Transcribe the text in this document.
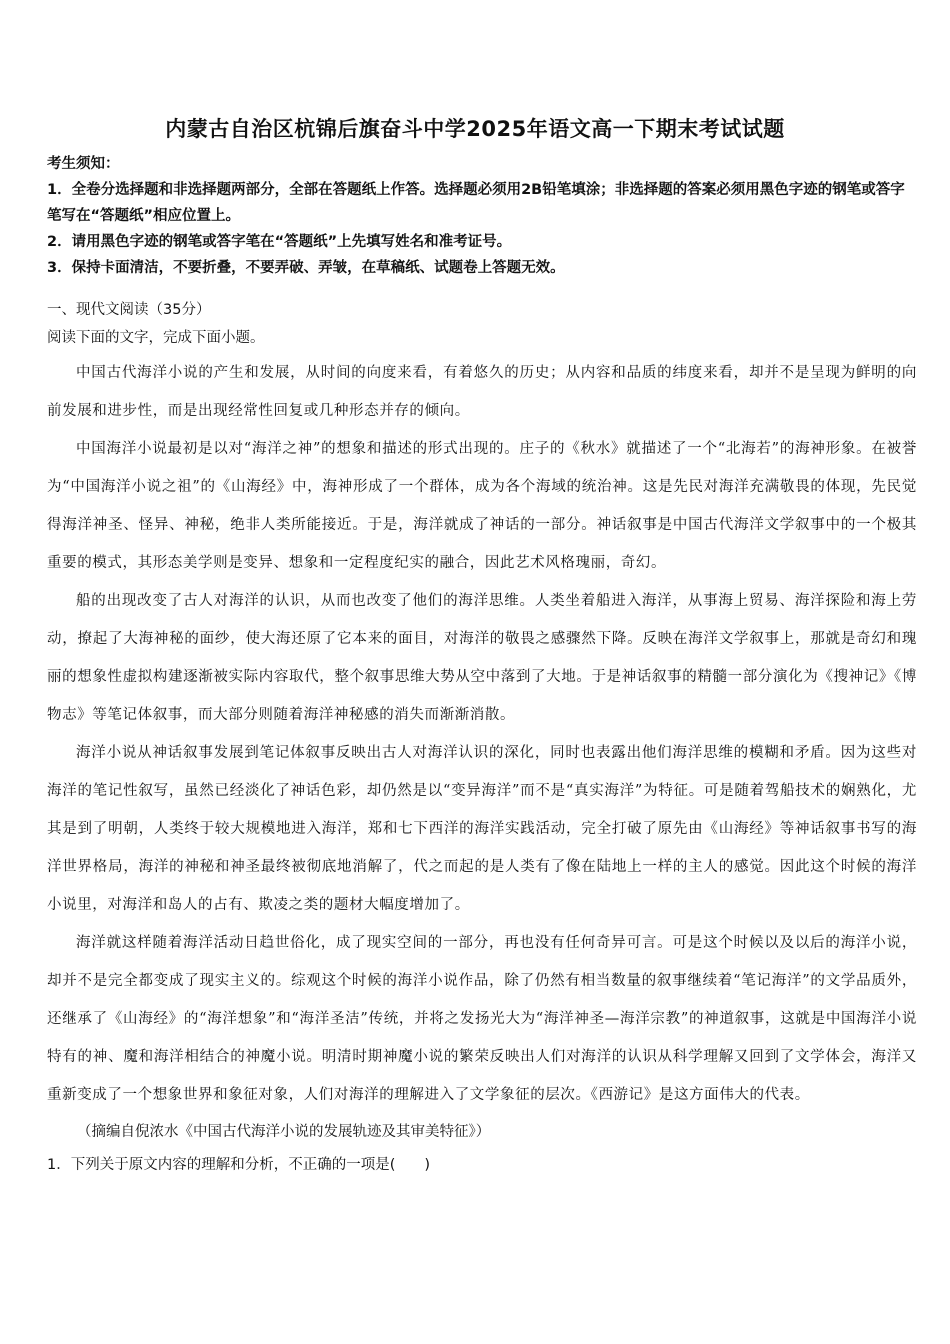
内蒙古自治区杭锦后旗奋斗中学2025年语文高一下期末考试试题

考生须知：

1．全卷分选择题和非选择题两部分，全部在答题纸上作答。选择题必须用2B铅笔填涂；非选择题的答案必须用黑色字迹的钢笔或答字笔写在“答题纸”相应位置上。

2．请用黑色字迹的钢笔或答字笔在“答题纸”上先填写姓名和准考证号。

3．保持卡面清洁，不要折叠，不要弄破、弄皱，在草稿纸、试题卷上答题无效。

一、现代文阅读（35分）

阅读下面的文字，完成下面小题。

中国古代海洋小说的产生和发展，从时间的向度来看，有着悠久的历史；从内容和品质的纬度来看，却并不是呈现为鲜明的向前发展和进步性，而是出现经常性回复或几种形态并存的倾向。

中国海洋小说最初是以对“海洋之神”的想象和描述的形式出现的。庄子的《秋水》就描述了一个“北海若”的海神形象。在被誉为“中国海洋小说之祖”的《山海经》中，海神形成了一个群体，成为各个海域的统治神。这是先民对海洋充满敬畏的体现，先民觉得海洋神圣、怪异、神秘，绝非人类所能接近。于是，海洋就成了神话的一部分。神话叙事是中国古代海洋文学叙事中的一个极其重要的模式，其形态美学则是变异、想象和一定程度纪实的融合，因此艺术风格瑰丽，奇幻。

船的出现改变了古人对海洋的认识，从而也改变了他们的海洋思维。人类坐着船进入海洋，从事海上贸易、海洋探险和海上劳动，撩起了大海神秘的面纱，使大海还原了它本来的面目，对海洋的敬畏之感骤然下降。反映在海洋文学叙事上，那就是奇幻和瑰丽的想象性虚拟构建逐渐被实际内容取代，整个叙事思维大势从空中落到了大地。于是神话叙事的精髓一部分演化为《搜神记》《博物志》等笔记体叙事，而大部分则随着海洋神秘感的消失而渐渐消散。

海洋小说从神话叙事发展到笔记体叙事反映出古人对海洋认识的深化，同时也表露出他们海洋思维的模糊和矛盾。因为这些对海洋的笔记性叙写，虽然已经淡化了神话色彩，却仍然是以“变异海洋”而不是“真实海洋”为特征。可是随着驾船技术的娴熟化，尤其是到了明朝，人类终于较大规模地进入海洋，郑和七下西洋的海洋实践活动，完全打破了原先由《山海经》等神话叙事书写的海洋世界格局，海洋的神秘和神圣最终被彻底地消解了，代之而起的是人类有了像在陆地上一样的主人的感觉。因此这个时候的海洋小说里，对海洋和岛人的占有、欺凌之类的题材大幅度增加了。

海洋就这样随着海洋活动日趋世俗化，成了现实空间的一部分，再也没有任何奇异可言。可是这个时候以及以后的海洋小说，却并不是完全都变成了现实主义的。综观这个时候的海洋小说作品，除了仍然有相当数量的叙事继续着“笔记海洋”的文学品质外，还继承了《山海经》的“海洋想象”和“海洋圣洁”传统，并将之发扬光大为“海洋神圣—海洋宗教”的神道叙事，这就是中国海洋小说特有的神、魔和海洋相结合的神魔小说。明清时期神魔小说的繁荣反映出人们对海洋的认识从科学理解又回到了文学体会，海洋又重新变成了一个想象世界和象征对象，人们对海洋的理解进入了文学象征的层次。《西游记》是这方面伟大的代表。

（摘编自倪浓水《中国古代海洋小说的发展轨迹及其审美特征》）

1．下列关于原文内容的理解和分析，不正确的一项是(　　)
